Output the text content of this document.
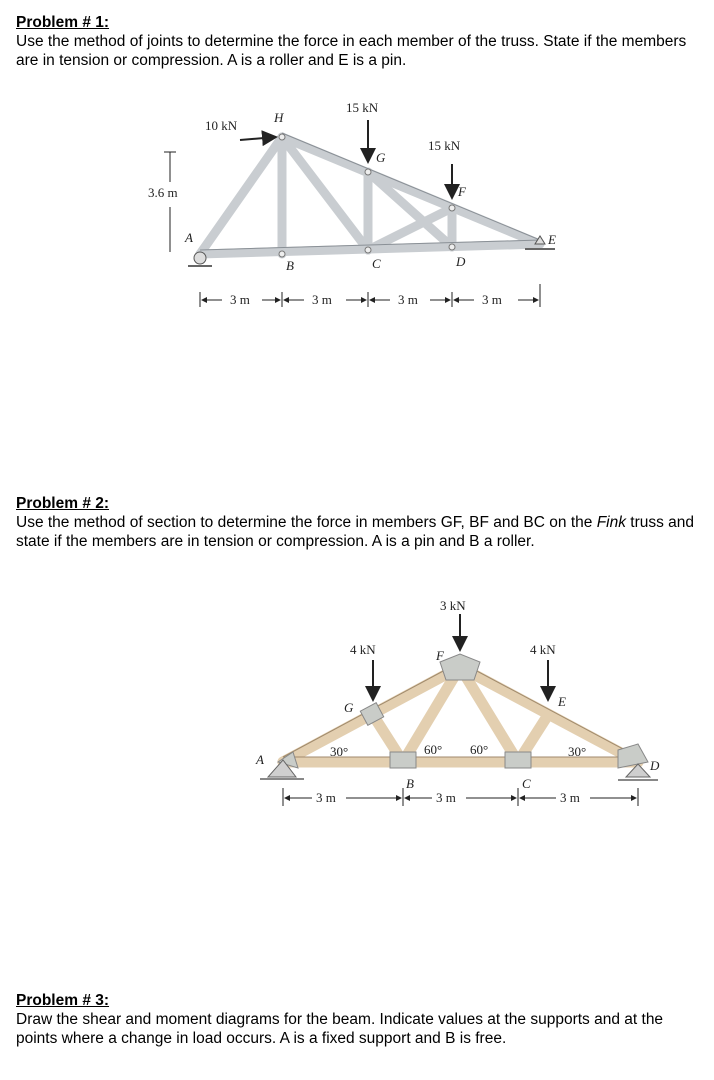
Problem # 1:

Use the method of joints to determine the force in each member of the truss. State if the members are in tension or compression. A is a roller and E is a pin.

10 kN
15 kN
15 kN
3.6 m
A
B	C	D
E
F
G
H
3 m	3 m	3 m	3 m

Problem # 2:

Use the method of section to determine the force in members GF, BF and BC on the Fink truss and state if the members are in tension or compression. A is a pin and B a roller.

3 kN
4 kN	4 kN
30°	60° 60°	30°
A
B	C
D
E
F
G
3 m	3 m	3 m

Problem # 3:

Draw the shear and moment diagrams for the beam. Indicate values at the supports and at the points where a change in load occurs. A is a fixed support and B is free.
